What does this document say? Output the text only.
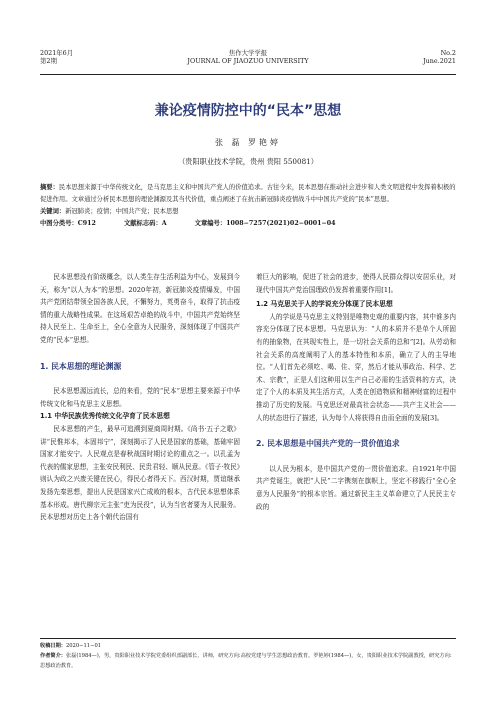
2021年6月
第2期
焦作大学学报
JOURNAL OF JIAOZUO UNIVERSITY
No.2
June.2021
兼论疫情防控中的“民本”思想
张 磊 罗艳婷
（贵阳职业技术学院，贵州 贵阳 550081）
摘要：民本思想来源于中华传统文化，是马克思主义和中国共产党人的价值追求。古往今来，民本思想在推动社会进步和人类文明进程中发挥着积极的促进作用。文章通过分析民本思想的理论渊源及其当代价值，重点阐述了在抗击新冠肺炎疫情战斗中中国共产党的“民本”思想。
关键词：新冠肺炎；疫情；中国共产党；民本思想
中图分类号：C912	文献标志码：A	文章编号：1008−7257(2021)02−0001−04

民本思想没有阶级概念，以人类生存生活利益为中心，发展到今天，称为“以人为本”的思想。2020年初，新冠肺炎疫情爆发，中国共产党团结带领全国各族人民，不懈努力，英勇奋斗，取得了抗击疫情的重大战略性成果。在这场艰苦卓绝的战斗中，中国共产党始终坚持人民至上、生命至上，全心全意为人民服务，深刻体现了中国共产党的“民本”思想。

1. 民本思想的理论渊源

民本思想源远流长，总的来看，党的“民本”思想主要来源于中华传统文化和马克思主义思想。

1.1 中华民族优秀传统文化孕育了民本思想

民本思想的产生，最早可追溯到夏商周时期。《尚书·五子之歌》讲“民惟邦本，本固邦宁”，深刻揭示了人民是国家的基础，基础牢固国家才能安宁。人民观点是春秋战国时期讨论的重点之一。以孔孟为代表的儒家思想，主张安民利民、民贵君轻、顺从民意。《管子·牧民》则认为政之兴废关键在民心，得民心者得天下。西汉时期，贾谊继承发扬先秦思想，提出人民是国家兴亡成败的根本，古代民本思想体系基本形成。唐代柳宗元主张“吏为民役”，认为当官者要为人民服务。民本思想对历史上各个朝代治国有

着巨大的影响，促进了社会的进步，使得人民群众得以安居乐业，对现代中国共产党治国理政仍发挥着重要作用[1]。

1.2 马克思关于人的学说充分体现了民本思想

人的学说是马克思主义特别是唯物史观的重要内容，其中谁多内容充分体现了民本思想。马克思认为：“人的本质并不是单个人所固有的抽象物，在其现实性上，是一切社会关系的总和”[2]。从劳动和社会关系的高度阐明了人的基本特性和本质，确立了人的主导地位。“人们首先必须吃、喝、住、穿，然后才能从事政治、科学、艺术、宗教”，正是人们这种用以生产自己必需的生活资料的方式，决定了个人的本质及其生活方式，人类在创造物质和精神财富的过程中推动了历史的发展。马克思还对最高社会状态——共产主义社会——人的状态进行了描述，认为每个人将获得自由而全面的发展[3]。

2. 民本思想是中国共产党的一贯价值追求

以人民为根本，是中国共产党的一贯价值追求。自1921年中国共产党诞生，就把“人民”二字镌刻在旗帜上，坚定不移践行“全心全意为人民服务”的根本宗旨。通过新民主主义革命建立了人民民主专政的

收稿日期：2020−11−01
作者简介：张磊(1984—)，男，贵阳职业技术学院党委组织部副部长、讲师，研究方向:高校党建与学生思想政治教育。罗艳婷(1984—)，女，贵阳职业技术学院副教授，研究方向:思想政治教育。
